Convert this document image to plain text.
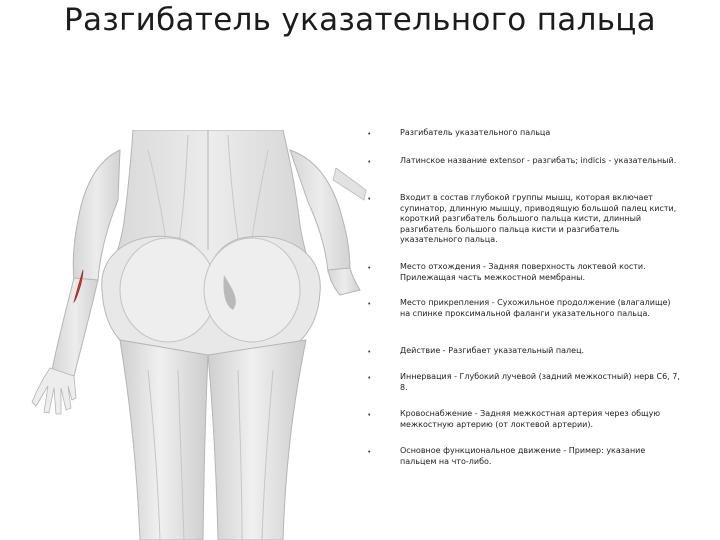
Разгибатель указательного пальца
•	Разгибатель указательного пальца
•	Латинское название extensor - разгибать; indicis - указательный.
•	Входит в состав глубокой группы мышц, которая включает супинатор, длинную мышцу, приводящую большой палец кисти, короткий разгибатель большого пальца кисти, длинный разгибатель большого пальца кисти и разгибатель указательного пальца.
•	Место отхождения - Задняя поверхность локтевой кости. Прилежащая часть межкостной мембраны.
•	Место прикрепления - Сухожильное продолжение (влагалище) на спинке проксимальной фаланги указательного пальца.
•	Действие - Разгибает указательный палец.
•	Иннервация - Глубокий лучевой (задний межкостный) нерв C6, 7, 8.
•	Кровоснабжение - Задняя межкостная артерия через общую межкостную артерию (от локтевой артерии).
•	Основное функциональное движение - Пример: указание пальцем на что-либо.
